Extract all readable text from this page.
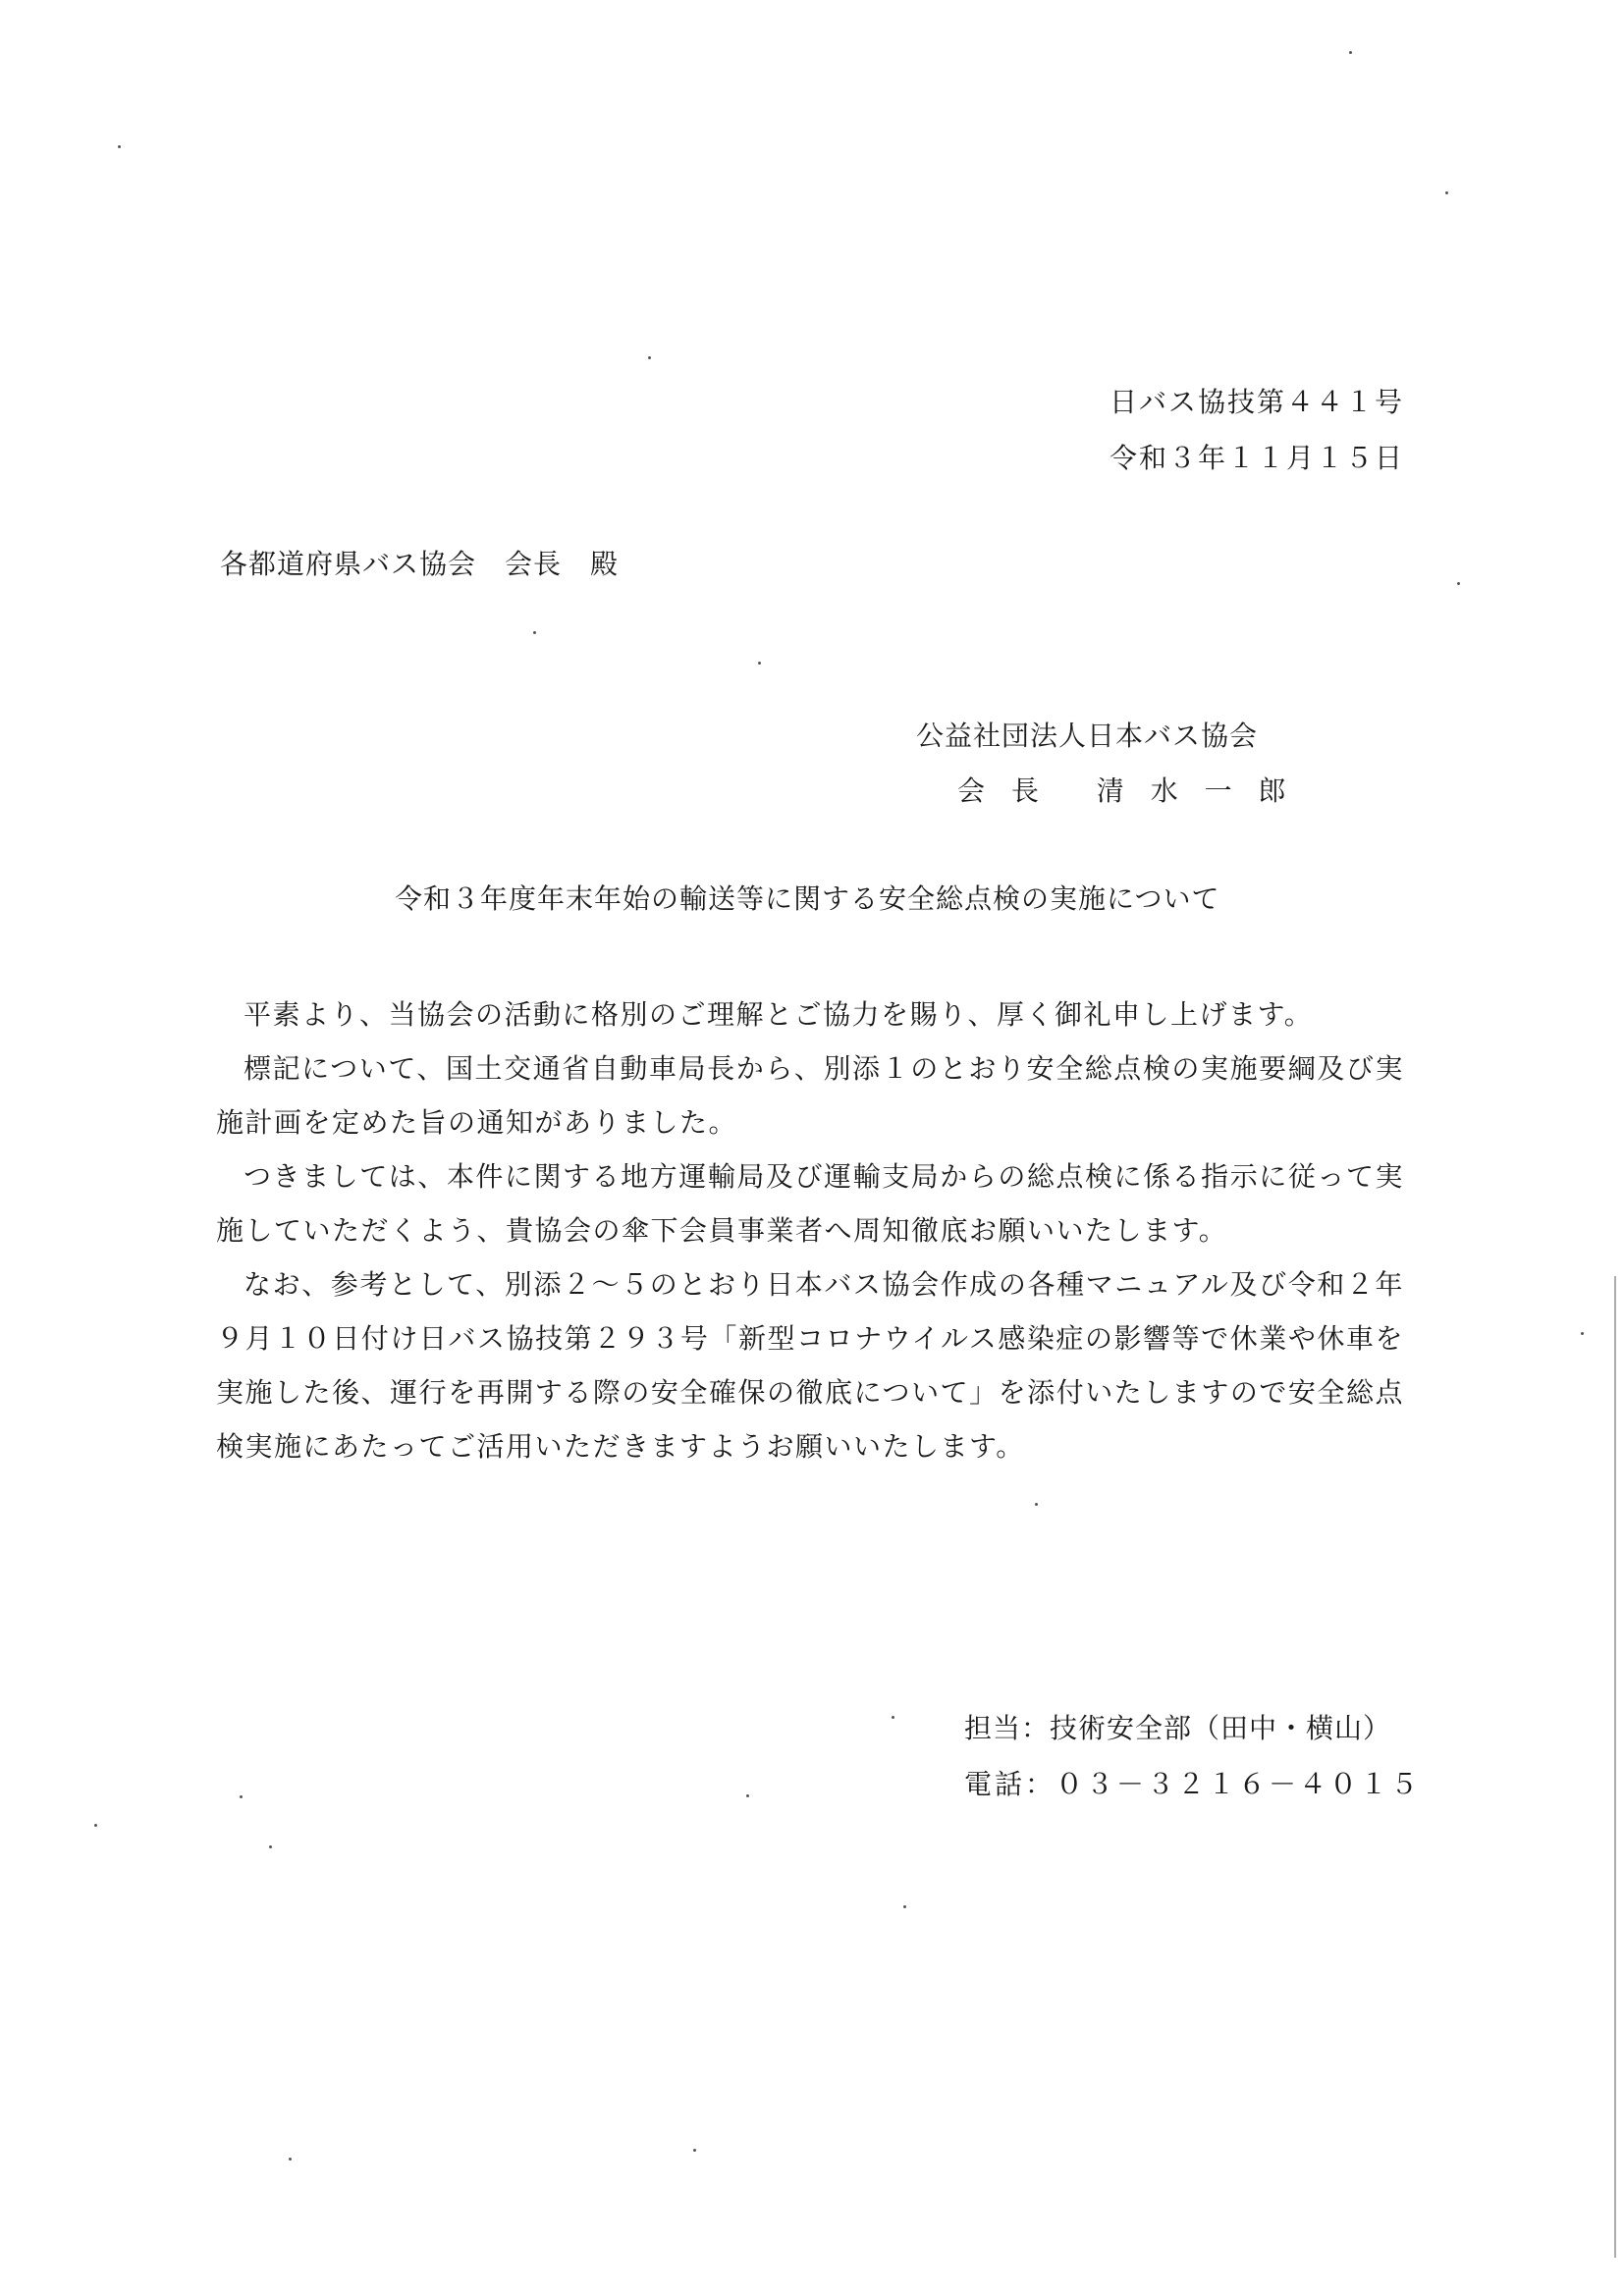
日バス協技第４４１号
令和３年１１月１５日
各都道府県バス協会　会長　殿
公益社団法人日本バス協会
会 長　 清 水 一 郎
令和３年度年末年始の輸送等に関する安全総点検の実施について

平素より、当協会の活動に格別のご理解とご協力を賜り、厚く御礼申し上げます。

標記について、国土交通省自動車局長から、別添１のとおり安全総点検の実施要綱及び実施計画を定めた旨の通知がありました。

つきましては、本件に関する地方運輸局及び運輸支局からの総点検に係る指示に従って実施していただくよう、貴協会の傘下会員事業者へ周知徹底お願いいたします。

なお、参考として、別添２～５のとおり日本バス協会作成の各種マニュアル及び令和２年９月１０日付け日バス協技第２９３号「新型コロナウイルス感染症の影響等で休業や休車を実施した後、運行を再開する際の安全確保の徹底について」を添付いたしますので安全総点検実施にあたってご活用いただきますようお願いいたします。

担当：技術安全部（田中・横山）
電話：０３－３２１６－４０１５
